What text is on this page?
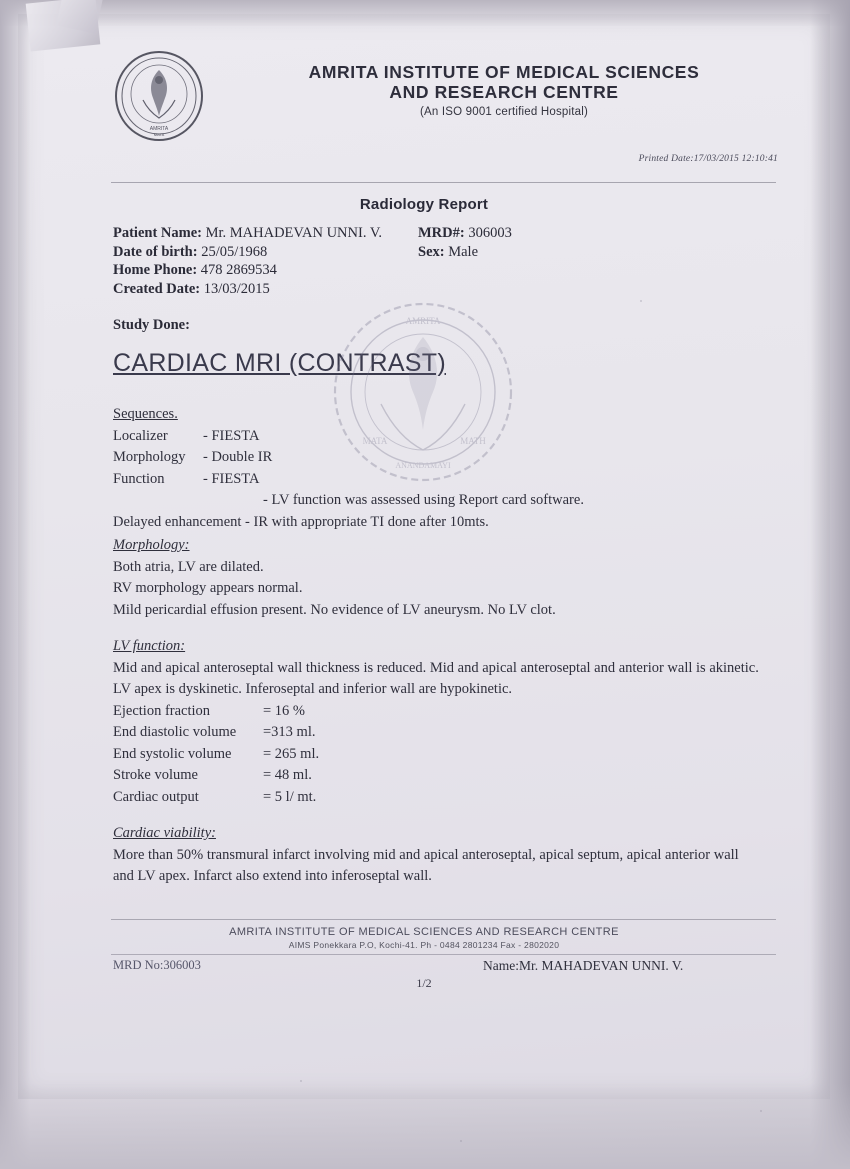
AMRITA
MATA
AMRITA INSTITUTE OF MEDICAL SCIENCES
AND RESEARCH CENTRE
(An ISO 9001 certified Hospital)
Printed Date:17/03/2015 12:10:41
Radiology Report
Patient Name: Mr. MAHADEVAN UNNI. V.	MRD#: 306003
Date of birth: 25/05/1968	Sex: Male
Home Phone: 478 2869534
Created Date: 13/03/2015
Study Done:
CARDIAC MRI (CONTRAST)
AMRITA
MATA	MATH
ANANDAMAYI
Sequences.
Localizer	- FIESTA
Morphology	- Double IR
Function	- FIESTA
- LV function was assessed using Report card software.
Delayed enhancement - IR with appropriate TI done after 10mts.
Morphology:
Both atria, LV are dilated.
RV morphology appears normal.
Mild pericardial effusion present. No evidence of LV aneurysm. No LV clot.
LV function:
Mid and apical anteroseptal wall thickness is reduced. Mid and apical anteroseptal and anterior wall is akinetic.
LV apex is dyskinetic. Inferoseptal and inferior wall are hypokinetic.
Ejection fraction	= 16 %
End diastolic volume	=313 ml.
End systolic volume	= 265 ml.
Stroke volume	= 48 ml.
Cardiac output	= 5 l/ mt.
Cardiac viability:
More than 50% transmural infarct involving mid and apical anteroseptal, apical septum, apical anterior wall
and LV apex. Infarct also extend into inferoseptal wall.
AMRITA INSTITUTE OF MEDICAL SCIENCES AND RESEARCH CENTRE
AIMS Ponekkara P.O, Kochi-41. Ph - 0484 2801234 Fax - 2802020
MRD No:306003	Name:Mr. MAHADEVAN UNNI. V.
1/2
